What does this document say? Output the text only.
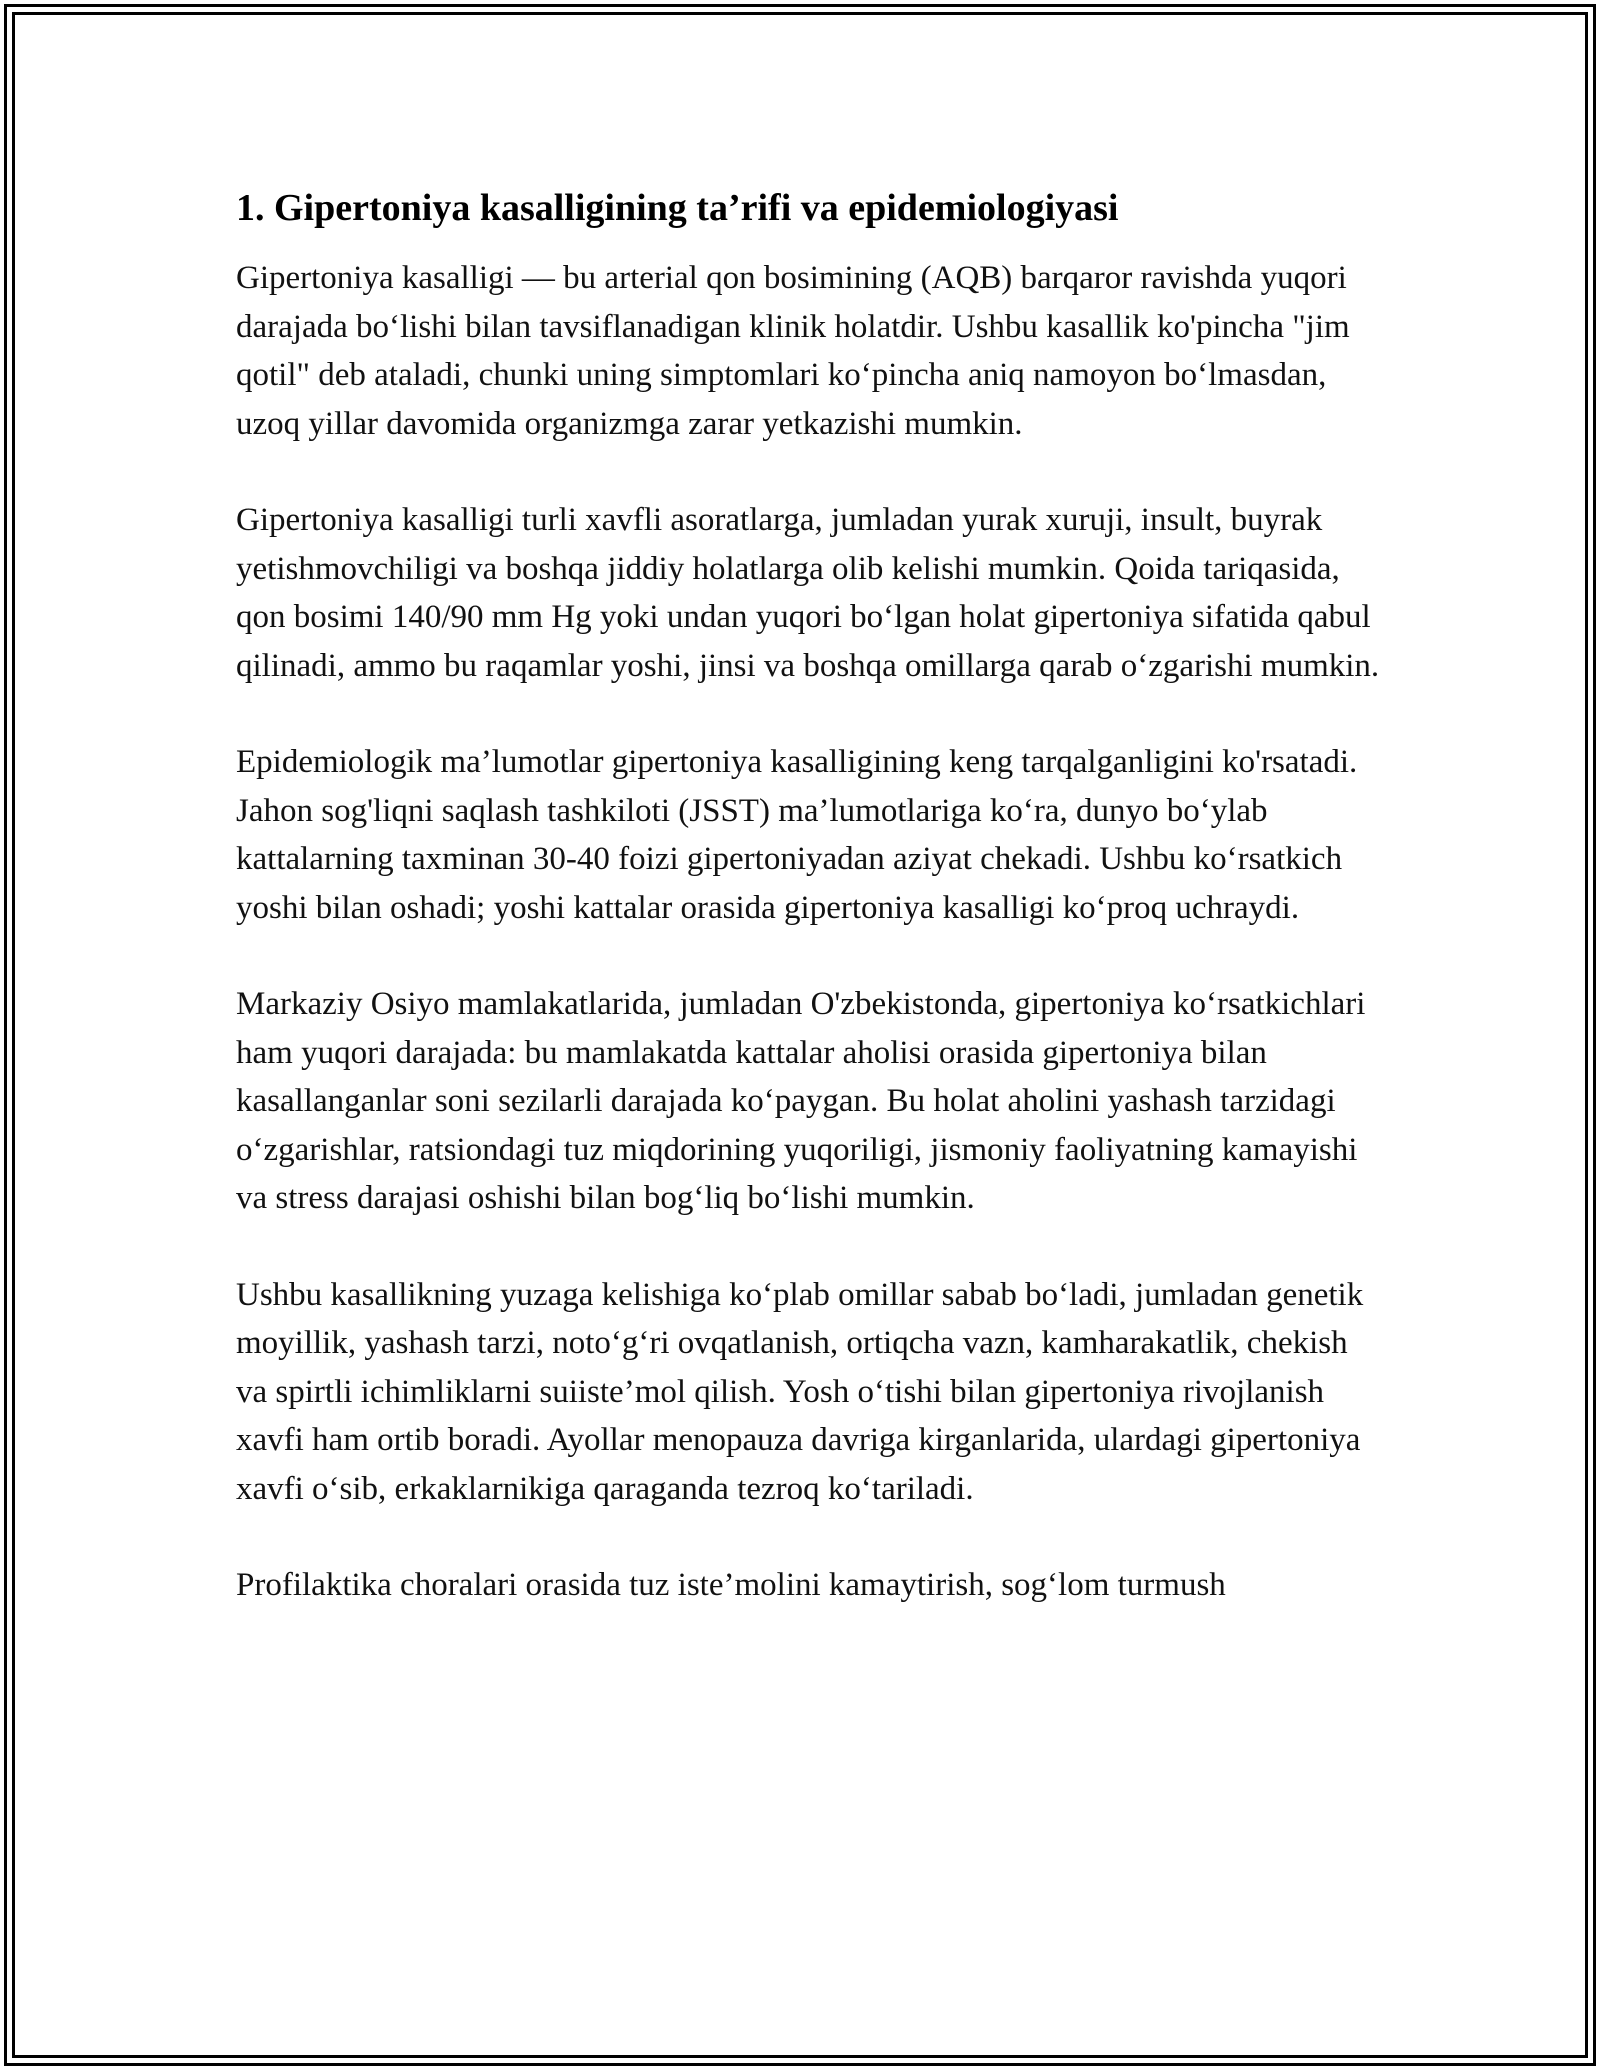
1. Gipertoniya kasalligining ta’rifi va epidemiologiyasi

Gipertoniya kasalligi — bu arterial qon bosimining (AQB) barqaror ravishda yuqori darajada bo‘lishi bilan tavsiflanadigan klinik holatdir. Ushbu kasallik ko'pincha "jim qotil" deb ataladi, chunki uning simptomlari ko‘pincha aniq namoyon bo‘lmasdan, uzoq yillar davomida organizmga zarar yetkazishi mumkin.

Gipertoniya kasalligi turli xavfli asoratlarga, jumladan yurak xuruji, insult, buyrak yetishmovchiligi va boshqa jiddiy holatlarga olib kelishi mumkin. Qoida tariqasida, qon bosimi 140/90 mm Hg yoki undan yuqori bo‘lgan holat gipertoniya sifatida qabul qilinadi, ammo bu raqamlar yoshi, jinsi va boshqa omillarga qarab o‘zgarishi mumkin.

Epidemiologik ma’lumotlar gipertoniya kasalligining keng tarqalganligini ko'rsatadi. Jahon sog'liqni saqlash tashkiloti (JSST) ma’lumotlariga ko‘ra, dunyo bo‘ylab kattalarning taxminan 30-40 foizi gipertoniyadan aziyat chekadi. Ushbu ko‘rsatkich yoshi bilan oshadi; yoshi kattalar orasida gipertoniya kasalligi ko‘proq uchraydi.

Markaziy Osiyo mamlakatlarida, jumladan O'zbekistonda, gipertoniya ko‘rsatkichlari ham yuqori darajada: bu mamlakatda kattalar aholisi orasida gipertoniya bilan kasallanganlar soni sezilarli darajada ko‘paygan. Bu holat aholini yashash tarzidagi o‘zgarishlar, ratsiondagi tuz miqdorining yuqoriligi, jismoniy faoliyatning kamayishi va stress darajasi oshishi bilan bog‘liq bo‘lishi mumkin.

Ushbu kasallikning yuzaga kelishiga ko‘plab omillar sabab bo‘ladi, jumladan genetik moyillik, yashash tarzi, noto‘g‘ri ovqatlanish, ortiqcha vazn, kamharakatlik, chekish va spirtli ichimliklarni suiiste’mol qilish. Yosh o‘tishi bilan gipertoniya rivojlanish xavfi ham ortib boradi. Ayollar menopauza davriga kirganlarida, ulardagi gipertoniya xavfi o‘sib, erkaklarnikiga qaraganda tezroq ko‘tariladi.

Profilaktika choralari orasida tuz iste’molini kamaytirish, sog‘lom turmush
